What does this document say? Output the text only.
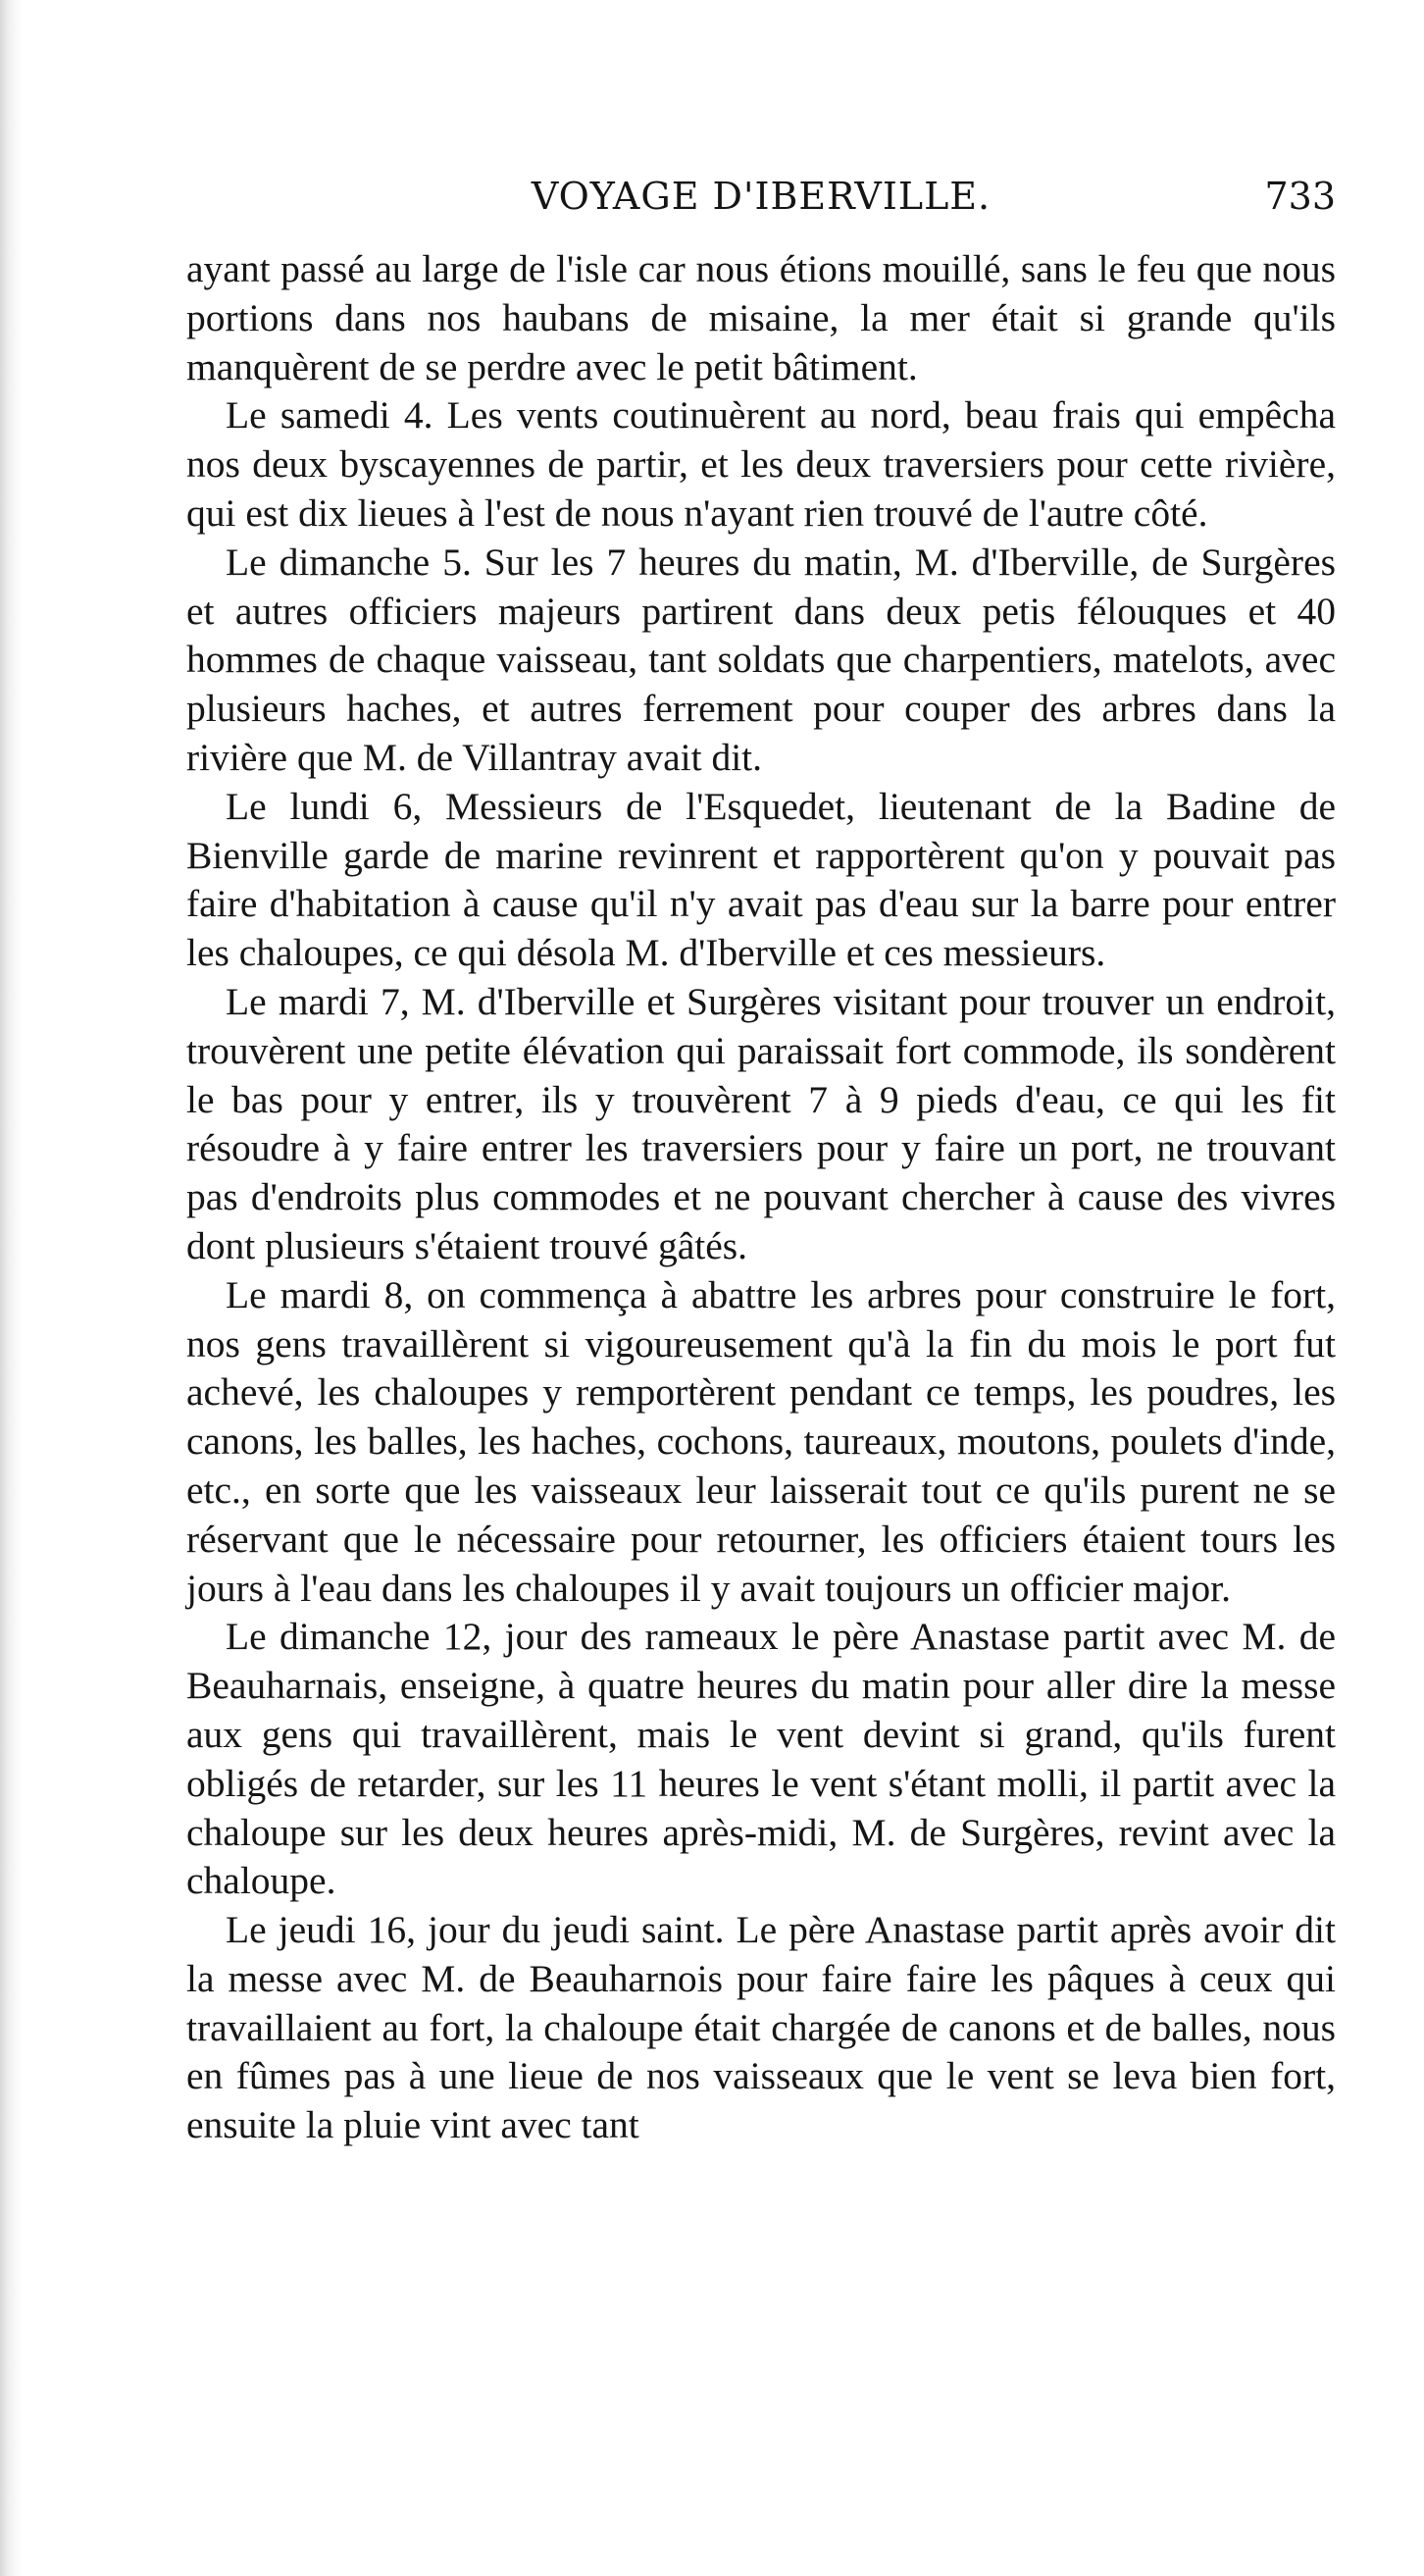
VOYAGE D'IBERVILLE.	733

ayant passé au large de l'isle car nous étions mouillé, sans le feu que nous portions dans nos haubans de misaine, la mer était si grande qu'ils manquèrent de se perdre avec le petit bâtiment.

Le samedi 4. Les vents coutinuèrent au nord, beau frais qui empêcha nos deux byscayennes de partir, et les deux traversiers pour cette rivière, qui est dix lieues à l'est de nous n'ayant rien trouvé de l'autre côté.

Le dimanche 5. Sur les 7 heures du matin, M. d'Iberville, de Surgères et autres officiers majeurs partirent dans deux petis félouques et 40 hommes de chaque vaisseau, tant soldats que charpentiers, matelots, avec plusieurs haches, et autres ferrement pour couper des arbres dans la rivière que M. de Villantray avait dit.

Le lundi 6, Messieurs de l'Esquedet, lieutenant de la Badine de Bienville garde de marine revinrent et rapportèrent qu'on y pouvait pas faire d'habitation à cause qu'il n'y avait pas d'eau sur la barre pour entrer les chaloupes, ce qui désola M. d'Iberville et ces messieurs.

Le mardi 7, M. d'Iberville et Surgères visitant pour trouver un endroit, trouvèrent une petite élévation qui paraissait fort commode, ils sondèrent le bas pour y entrer, ils y trouvèrent 7 à 9 pieds d'eau, ce qui les fit résoudre à y faire entrer les traversiers pour y faire un port, ne trouvant pas d'endroits plus commodes et ne pouvant chercher à cause des vivres dont plusieurs s'étaient trouvé gâtés.

Le mardi 8, on commença à abattre les arbres pour construire le fort, nos gens travaillèrent si vigoureusement qu'à la fin du mois le port fut achevé, les chaloupes y remportèrent pendant ce temps, les poudres, les canons, les balles, les haches, cochons, taureaux, moutons, poulets d'inde, etc., en sorte que les vaisseaux leur laisserait tout ce qu'ils purent ne se réservant que le nécessaire pour retourner, les officiers étaient tours les jours à l'eau dans les chaloupes il y avait toujours un officier major.

Le dimanche 12, jour des rameaux le père Anastase partit avec M. de Beauharnais, enseigne, à quatre heures du matin pour aller dire la messe aux gens qui travaillèrent, mais le vent devint si grand, qu'ils furent obligés de retarder, sur les 11 heures le vent s'étant molli, il partit avec la chaloupe sur les deux heures après-midi, M. de Surgères, revint avec la chaloupe.

Le jeudi 16, jour du jeudi saint. Le père Anastase partit après avoir dit la messe avec M. de Beauharnois pour faire faire les pâques à ceux qui travaillaient au fort, la chaloupe était chargée de canons et de balles, nous en fûmes pas à une lieue de nos vaisseaux que le vent se leva bien fort, ensuite la pluie vint avec tant
